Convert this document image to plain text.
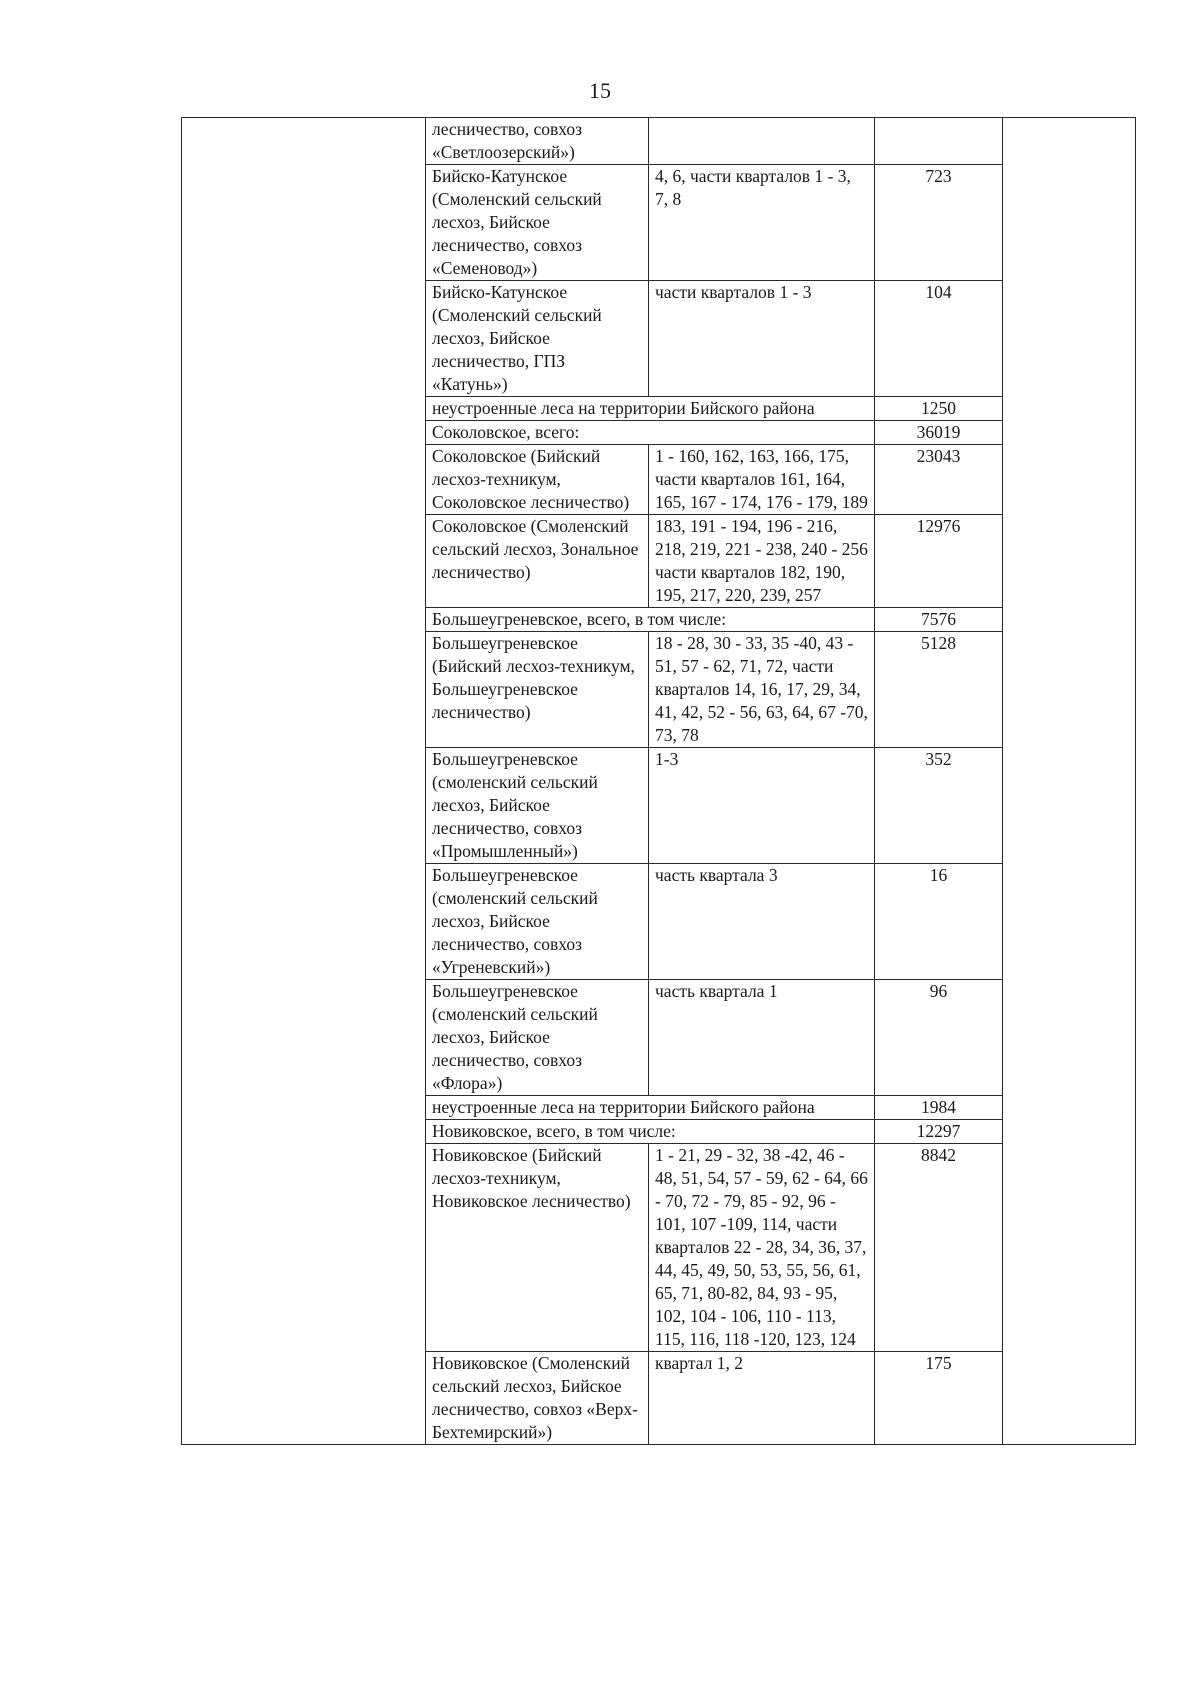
15
	лесничество, совхоз «Светлоозерский»)			
	Бийско-Катунское (Смоленский сельский лесхоз, Бийское лесничество, совхоз «Семеновод»)	4, 6, части кварталов 1 - 3, 7, 8	723	
	Бийско-Катунское (Смоленский сельский лесхоз, Бийское лесничество, ГПЗ «Катунь»)	части кварталов 1 - 3	104	
	неустроенные леса на территории Бийского района		1250	
	Соколовское, всего:		36019	
	Соколовское (Бийский лесхоз-техникум, Соколовское лесничество)	1 - 160, 162, 163, 166, 175, части кварталов 161, 164, 165, 167 - 174, 176 - 179, 189	23043	
	Соколовское (Смоленский сельский лесхоз, Зональное лесничество)	183, 191 - 194, 196 - 216, 218, 219, 221 - 238, 240 - 256 части кварталов 182, 190, 195, 217, 220, 239, 257	12976	
	Большеугреневское, всего, в том числе:		7576	
	Большеугреневское (Бийский лесхоз-техникум, Большеугреневское лесничество)	18 - 28, 30 - 33, 35 -40, 43 - 51, 57 - 62, 71, 72, части кварталов 14, 16, 17, 29, 34, 41, 42, 52 - 56, 63, 64, 67 -70, 73, 78	5128	
	Большеугреневское (смоленский сельский лесхоз, Бийское лесничество, совхоз «Промышленный»)	1-3	352	
	Большеугреневское (смоленский сельский лесхоз, Бийское лесничество, совхоз «Угреневский»)	часть квартала 3	16	
	Большеугреневское (смоленский сельский лесхоз, Бийское лесничество, совхоз «Флора»)	часть квартала 1	96	
	неустроенные леса на территории Бийского района		1984	
	Новиковское, всего, в том числе:		12297	
	Новиковское (Бийский лесхоз-техникум, Новиковское лесничество)	1 - 21, 29 - 32, 38 -42, 46 - 48, 51, 54, 57 - 59, 62 - 64, 66 - 70, 72 - 79, 85 - 92, 96 - 101, 107 -109, 114, части кварталов 22 - 28, 34, 36, 37, 44, 45, 49, 50, 53, 55, 56, 61, 65, 71, 80-82, 84, 93 - 95, 102, 104 - 106, 110 - 113, 115, 116, 118 -120, 123, 124	8842	
	Новиковское (Смоленский сельский лесхоз, Бийское лесничество, совхоз «Верх-Бехтемирский»)	квартал 1, 2	175	
